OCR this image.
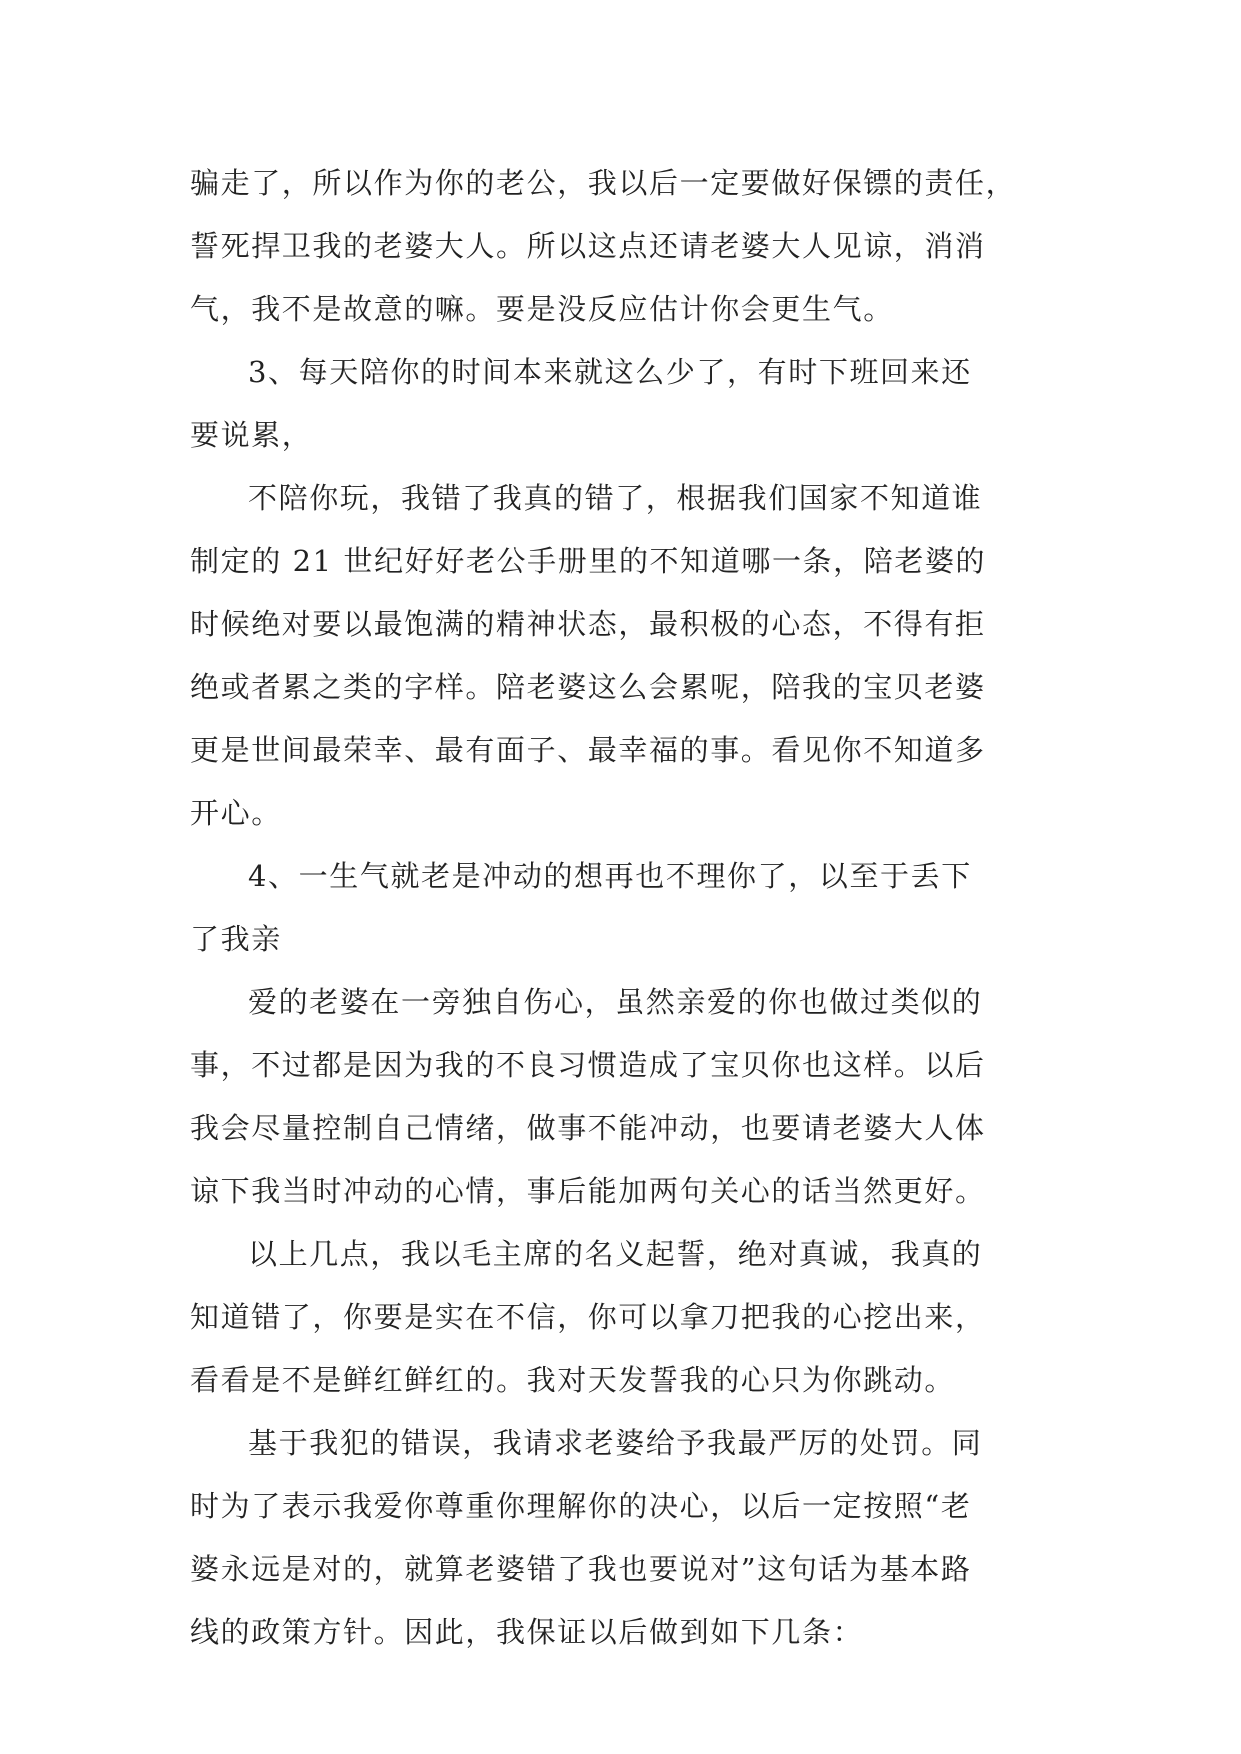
骗走了，所以作为你的老公，我以后一定要做好保镖的责任，
誓死捍卫我的老婆大人。所以这点还请老婆大人见谅，消消
气，我不是故意的嘛。要是没反应估计你会更生气。
3、每天陪你的时间本来就这么少了，有时下班回来还
要说累，
不陪你玩，我错了我真的错了，根据我们国家不知道谁
制定的 21 世纪好好老公手册里的不知道哪一条，陪老婆的
时候绝对要以最饱满的精神状态，最积极的心态，不得有拒
绝或者累之类的字样。陪老婆这么会累呢，陪我的宝贝老婆
更是世间最荣幸、最有面子、最幸福的事。看见你不知道多
开心。
4、一生气就老是冲动的想再也不理你了，以至于丢下
了我亲
爱的老婆在一旁独自伤心，虽然亲爱的你也做过类似的
事，不过都是因为我的不良习惯造成了宝贝你也这样。以后
我会尽量控制自己情绪，做事不能冲动，也要请老婆大人体
谅下我当时冲动的心情，事后能加两句关心的话当然更好。
以上几点，我以毛主席的名义起誓，绝对真诚，我真的
知道错了，你要是实在不信，你可以拿刀把我的心挖出来，
看看是不是鲜红鲜红的。我对天发誓我的心只为你跳动。
基于我犯的错误，我请求老婆给予我最严厉的处罚。同
时为了表示我爱你尊重你理解你的决心，以后一定按照“老
婆永远是对的，就算老婆错了我也要说对”这句话为基本路
线的政策方针。因此，我保证以后做到如下几条：
